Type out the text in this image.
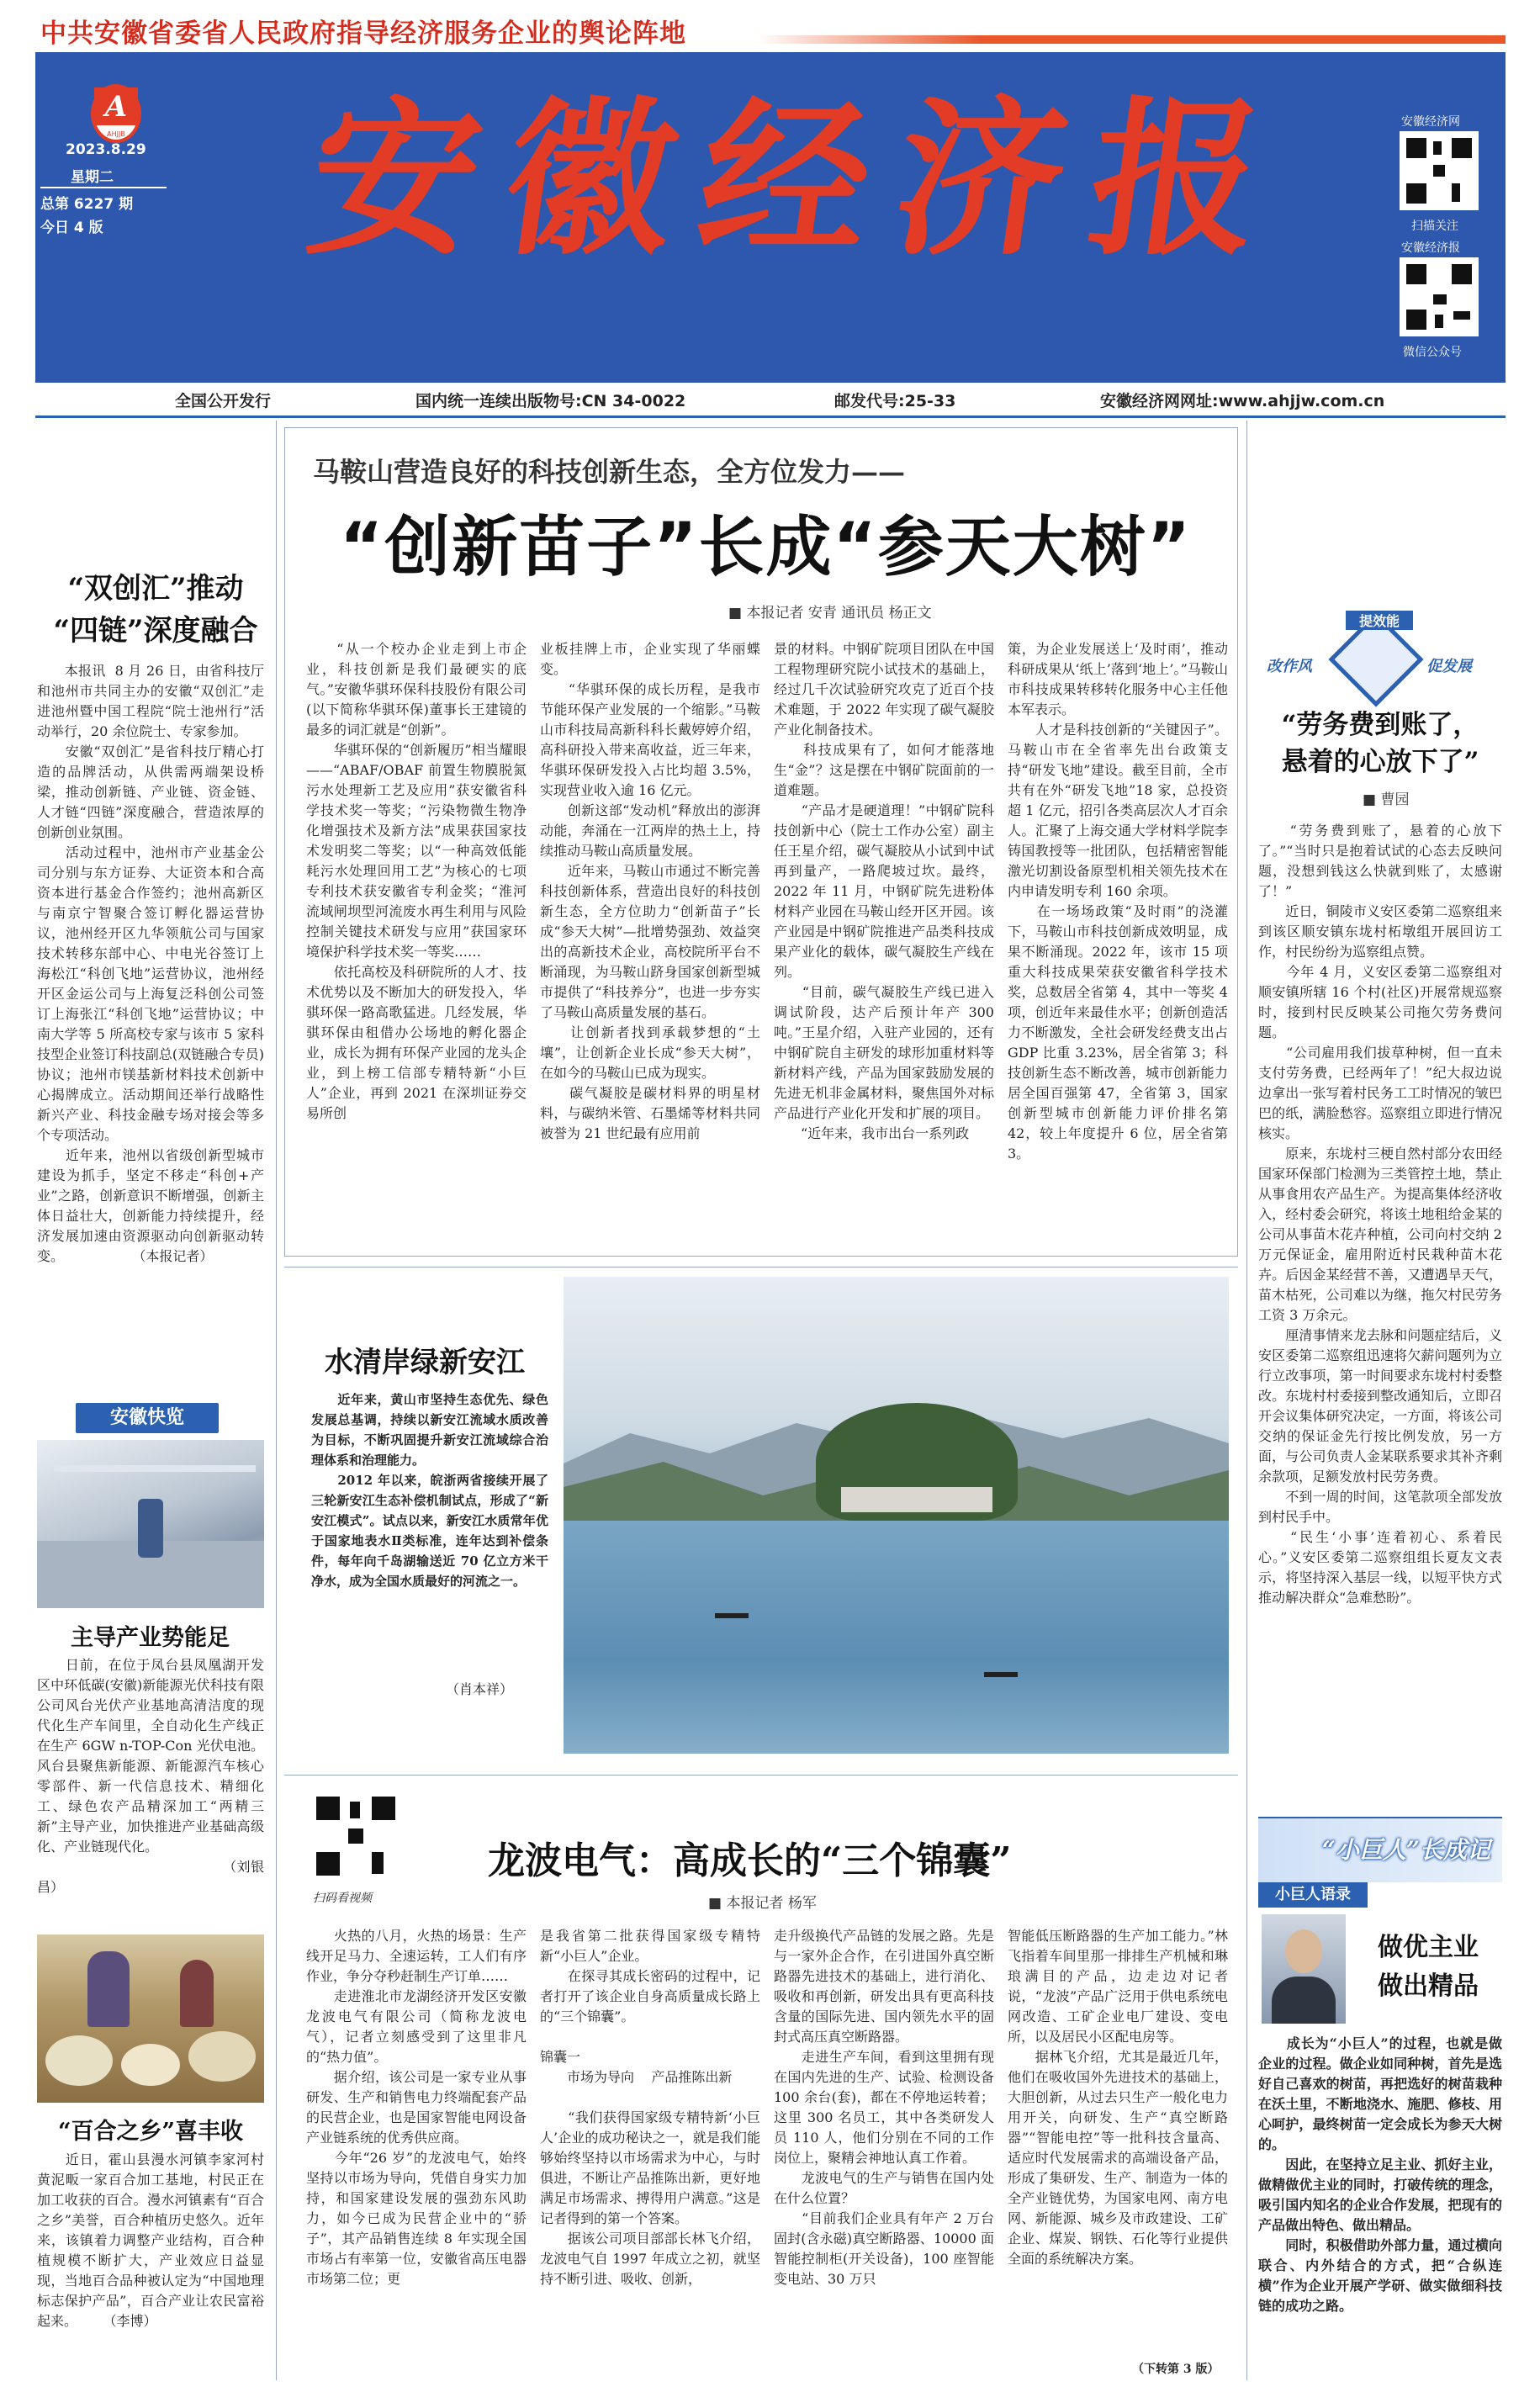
中共安徽省委省人民政府指导经济服务企业的舆论阵地
A
AHJJB
2023.8.29
星期二
总第 6227 期
今日 4 版 安徽经济报	安徽经济网
扫描关注
安徽经济报
微信公众号
全国公开发行	国内统一连续出版物号:CN 34-0022	邮发代号:25-33	安徽经济网网址:www.ahjjw.com.cn
“双创汇”推动
“四链”深度融合
　　本报讯  8 月 26 日，由省科技厅和池州市共同主办的安徽“双创汇”走进池州暨中国工程院“院士池州行”活动举行，20 余位院士、专家参加。
　　安徽“双创汇”是省科技厅精心打造的品牌活动，从供需两端架设桥梁，推动创新链、产业链、资金链、人才链“四链”深度融合，营造浓厚的创新创业氛围。
　　活动过程中，池州市产业基金公司分别与东方证券、大证资本和合高资本进行基金合作签约；池州高新区与南京宁智聚合签订孵化器运营协议，池州经开区九华领航公司与国家技术转移东部中心、中电光谷签订上海松江“科创飞地”运营协议，池州经开区金运公司与上海复泛科创公司签订上海张江“科创飞地”运营协议；中南大学等 5 所高校专家与该市 5 家科技型企业签订科技副总(双链融合专员)协议；池州市镁基新材料技术创新中心揭牌成立。活动期间还举行战略性新兴产业、科技金融专场对接会等多个专项活动。
　　近年来，池州以省级创新型城市建设为抓手，坚定不移走“科创+产业”之路，创新意识不断增强，创新主体日益壮大，创新能力持续提升，经济发展加速由资源驱动向创新驱动转变。                （本报记者）
安徽快览
主导产业势能足
　　日前，在位于凤台县凤凰湖开发区中环低碳(安徽)新能源光伏科技有限公司风台光伏产业基地高清洁度的现代化生产车间里，全自动化生产线正在生产 6GW n-TOP-Con 光伏电池。风台县聚焦新能源、新能源汽车核心零部件、新一代信息技术、精细化工、绿色农产品精深加工“两精三新”主导产业，加快推进产业基础高级化、产业链现代化。
（刘银昌）
“百合之乡”喜丰收
　　近日，霍山县漫水河镇李家河村黄泥畈一家百合加工基地，村民正在加工收获的百合。漫水河镇素有“百合之乡”美誉，百合种植历史悠久。近年来，该镇着力调整产业结构，百合种植规模不断扩大，产业效应日益显现，当地百合品种被认定为“中国地理标志保护产品”，百合产业让农民富裕起来。      （李博）
马鞍山营造良好的科技创新生态，全方位发力——
“创新苗子”长成“参天大树”
■ 本报记者 安青 通讯员 杨正文
　　“从一个校办企业走到上市企业，科技创新是我们最硬实的底气。”安徽华骐环保科技股份有限公司(以下简称华骐环保)董事长王建镜的最多的词汇就是“创新”。
　　华骐环保的“创新履历”相当耀眼——“ABAF/OBAF 前置生物膜脱氮污水处理新工艺及应用”获安徽省科学技术奖一等奖；“污染物微生物净化增强技术及新方法”成果获国家技术发明奖二等奖；以“一种高效低能耗污水处理回用工艺”为核心的七项专利技术获安徽省专利金奖；“淮河流域闸坝型河流废水再生利用与风险控制关键技术研发与应用”获国家环境保护科学技术奖一等奖……
　　依托高校及科研院所的人才、技术优势以及不断加大的研发投入，华骐环保一路高歌猛进。几经发展，华骐环保由租借办公场地的孵化器企业，成长为拥有环保产业园的龙头企业，到上榜工信部专精特新“小巨人”企业，再到 2021 在深圳证券交易所创
业板挂牌上市，企业实现了华丽蝶变。
　　“华骐环保的成长历程，是我市节能环保产业发展的一个缩影。”马鞍山市科技局高新科科长戴婷婷介绍，高科研投入带来高收益，近三年来，华骐环保研发投入占比均超 3.5%，实现营业收入逾 16 亿元。
　　创新这部“发动机”释放出的澎湃动能，奔涌在一江两岸的热土上，持续推动马鞍山高质量发展。
　　近年来，马鞍山市通过不断完善科技创新体系，营造出良好的科技创新生态，全方位助力“创新苗子”长成“参天大树”—批增势强劲、效益突出的高新技术企业，高校院所平台不断涌现，为马鞍山跻身国家创新型城市提供了“科技养分”，也进一步夯实了马鞍山高质量发展的基石。
　　让创新者找到承载梦想的“土壤”，让创新企业长成“参天大树”，在如今的马鞍山已成为现实。
　　碳气凝胶是碳材料界的明星材料，与碳纳米管、石墨烯等材料共同被誉为 21 世纪最有应用前
景的材料。中钢矿院项目团队在中国工程物理研究院小试技术的基础上，经过几千次试验研究攻克了近百个技术难题，于 2022 年实现了碳气凝胶产业化制备技术。
　　科技成果有了，如何才能落地生“金”？这是摆在中钢矿院面前的一道难题。
　　“产品才是硬道理！”中钢矿院科技创新中心（院士工作办公室）副主任王星介绍，碳气凝胶从小试到中试再到量产，一路爬坡过坎。最终，2022 年 11 月，中钢矿院先进粉体材料产业园在马鞍山经开区开园。该产业园是中钢矿院推进产品类科技成果产业化的载体，碳气凝胶生产线在列。
　　“目前，碳气凝胶生产线已进入调试阶段，达产后预计年产 300 吨。”王星介绍，入驻产业园的，还有中钢矿院自主研发的球形加重材料等新材料产线，产品为国家鼓励发展的先进无机非金属材料，聚焦国外对标产品进行产业化开发和扩展的项目。
　　“近年来，我市出台一系列政
策，为企业发展送上‘及时雨’，推动科研成果从‘纸上’落到‘地上’。”马鞍山市科技成果转移转化服务中心主任他本军表示。
　　人才是科技创新的“关键因子”。马鞍山市在全省率先出台政策支持“研发飞地”建设。截至目前，全市共有在外“研发飞地”18 家，总投资超 1 亿元，招引各类高层次人才百余人。汇聚了上海交通大学材料学院李铸国教授等一批团队，包括精密智能激光切割设备原型机相关领先技术在内申请发明专利 160 余项。
　　在一场场政策“及时雨”的浇灌下，马鞍山市科技创新成效明显，成果不断涌现。2022 年，该市 15 项重大科技成果荣获安徽省科学技术奖，总数居全省第 4，其中一等奖 4 项，创近年来最佳水平；创新创造活力不断激发，全社会研发经费支出占 GDP 比重 3.23%，居全省第 3；科技创新生态不断改善，城市创新能力居全国百强第 47，全省第 3，国家创新型城市创新能力评价排名第 42，较上年度提升 6 位，居全省第 3。
提效能
改作风	促发展
“劳务费到账了，
悬着的心放下了”
■ 曹园
　　“劳务费到账了，悬着的心放下了。”“当时只是抱着试试的心态去反映问题，没想到钱这么快就到账了，太感谢了！”
　　近日，铜陵市义安区委第二巡察组来到该区顺安镇东垅村柘墩组开展回访工作，村民纷纷为巡察组点赞。
　　今年 4 月，义安区委第二巡察组对顺安镇所辖 16 个村(社区)开展常规巡察时，接到村民反映某公司拖欠劳务费问题。
　　“公司雇用我们拔草种树，但一直未支付劳务费，已经两年了！”纪大叔边说边拿出一张写着村民务工工时情况的皱巴巴的纸，满脸愁容。巡察组立即进行情况核实。
　　原来，东垅村三梗自然村部分农田经国家环保部门检测为三类管控土地，禁止从事食用农产品生产。为提高集体经济收入，经村委会研究，将该土地租给金某的公司从事苗木花卉种植，公司向村交纳 2 万元保证金，雇用附近村民栽种苗木花卉。后因金某经营不善，又遭遇旱天气，苗木枯死，公司难以为继，拖欠村民劳务工资 3 万余元。
　　厘清事情来龙去脉和问题症结后，义安区委第二巡察组迅速将欠薪问题列为立行立改事项，第一时间要求东垅村村委整改。东垅村村委接到整改通知后，立即召开会议集体研究决定，一方面，将该公司交纳的保证金先行按比例发放，另一方面，与公司负责人金某联系要求其补齐剩余款项，足额发放村民劳务费。
　　不到一周的时间，这笔款项全部发放到村民手中。
　　“民生‘小事’连着初心、系着民心。”义安区委第二巡察组组长夏友文表示，将坚持深入基层一线，以短平快方式推动解决群众“急难愁盼”。
“小巨人”长成记
小巨人语录
做优主业
做出精品
　　成长为“小巨人”的过程，也就是做企业的过程。做企业如同种树，首先是选好自己喜欢的树苗，再把选好的树苗栽种在沃土里，不断地浇水、施肥、修枝、用心呵护，最终树苗一定会成长为参天大树的。
　　因此，在坚持立足主业、抓好主业，做精做优主业的同时，打破传统的理念，吸引国内知名的企业合作发展，把现有的产品做出特色、做出精品。
　　同时，积极借助外部力量，通过横向联合、内外结合的方式，把“合纵连横”作为企业开展产学研、做实做细科技链的成功之路。
水清岸绿新安江
　　近年来，黄山市坚持生态优先、绿色发展总基调，持续以新安江流域水质改善为目标，不断巩固提升新安江流域综合治理体系和治理能力。
　　2012 年以来，皖浙两省接续开展了三轮新安江生态补偿机制试点，形成了“新安江模式”。试点以来，新安江水质常年优于国家地表水Ⅱ类标准，连年达到补偿条件，每年向千岛湖输送近 70 亿立方米干净水，成为全国水质最好的河流之一。
（肖本祥）
扫码看视频
龙波电气：高成长的“三个锦囊”
■ 本报记者 杨军
　　火热的八月，火热的场景：生产线开足马力、全速运转，工人们有序作业，争分夺秒赶制生产订单……
　　走进淮北市龙湖经济开发区安徽龙波电气有限公司（简称龙波电气），记者立刻感受到了这里非凡的“热力值”。
　　据介绍，该公司是一家专业从事研发、生产和销售电力终端配套产品的民营企业，也是国家智能电网设备产业链系统的优秀供应商。
　　今年“26 岁”的龙波电气，始终坚持以市场为导向，凭借自身实力加持，和国家建设发展的强劲东风助力，如今已成为民营企业中的“骄子”，其产品销售连续 8 年实现全国市场占有率第一位，安徽省高压电器市场第二位；更
是我省第二批获得国家级专精特新“小巨人”企业。
　　在探寻其成长密码的过程中，记者打开了该企业自身高质量成长路上的“三个锦囊”。

锦囊一
　　市场为导向    产品推陈出新

　　“我们获得国家级专精特新‘小巨人’企业的成功秘诀之一，就是我们能够始终坚持以市场需求为中心，与时俱进，不断让产品推陈出新，更好地满足市场需求、搏得用户满意。”这是记者得到的第一个答案。
　　据该公司项目部部长林飞介绍，龙波电气自 1997 年成立之初，就坚持不断引进、吸收、创新，
走升级换代产品链的发展之路。先是与一家外企合作，在引进国外真空断路器先进技术的基础上，进行消化、吸收和再创新，研发出具有更高科技含量的国际先进、国内领先水平的固封式高压真空断路器。
　　走进生产车间，看到这里拥有现在国内先进的生产、试验、检测设备 100 余台(套)，都在不停地运转着；这里 300 名员工，其中各类研发人员 110 人，他们分别在不同的工作岗位上，聚精会神地认真工作着。
　　龙波电气的生产与销售在国内处在什么位置？
　　“目前我们企业具有年产 2 万台固封(含永磁)真空断路器、10000 面智能控制柜(开关设备)，100 座智能变电站、30 万只
智能低压断路器的生产加工能力。”林飞指着车间里那一排排生产机械和琳琅满目的产品，边走边对记者说，“龙波”产品广泛用于供电系统电网改造、工矿企业电厂建设、变电所，以及居民小区配电房等。
　　据林飞介绍，尤其是最近几年，他们在吸收国外先进技术的基础上，大胆创新，从过去只生产一般化电力用开关，向研发、生产“真空断路器”“智能电控”等一批科技含量高、适应时代发展需求的高端设备产品，形成了集研发、生产、制造为一体的全产业链优势，为国家电网、南方电网、新能源、城乡及市政建设、工矿企业、煤炭、钢铁、石化等行业提供全面的系统解决方案。
（下转第 3 版）
